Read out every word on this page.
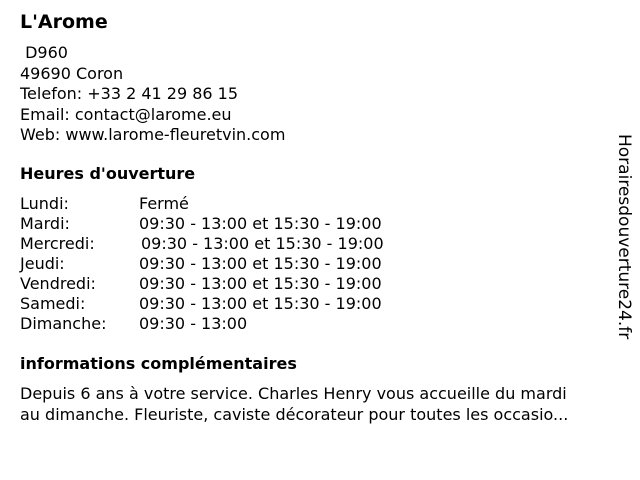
L'Arome
D960
49690 Coron
Telefon: +33 2 41 29 86 15
Email: contact@larome.eu
Web: www.larome-fleuretvin.com
Heures d'ouverture
Lundi:	Fermé
Mardi:	09:30 - 13:00 et 15:30 - 19:00
Mercredi:	09:30 - 13:00 et 15:30 - 19:00
Jeudi:	09:30 - 13:00 et 15:30 - 19:00
Vendredi:	09:30 - 13:00 et 15:30 - 19:00
Samedi:	09:30 - 13:00 et 15:30 - 19:00
Dimanche: 09:30 - 13:00
informations complémentaires
Depuis 6 ans à votre service. Charles Henry vous accueille du mardi
au dimanche. Fleuriste, caviste décorateur pour toutes les occasio...
Horairesdouverture24.fr
